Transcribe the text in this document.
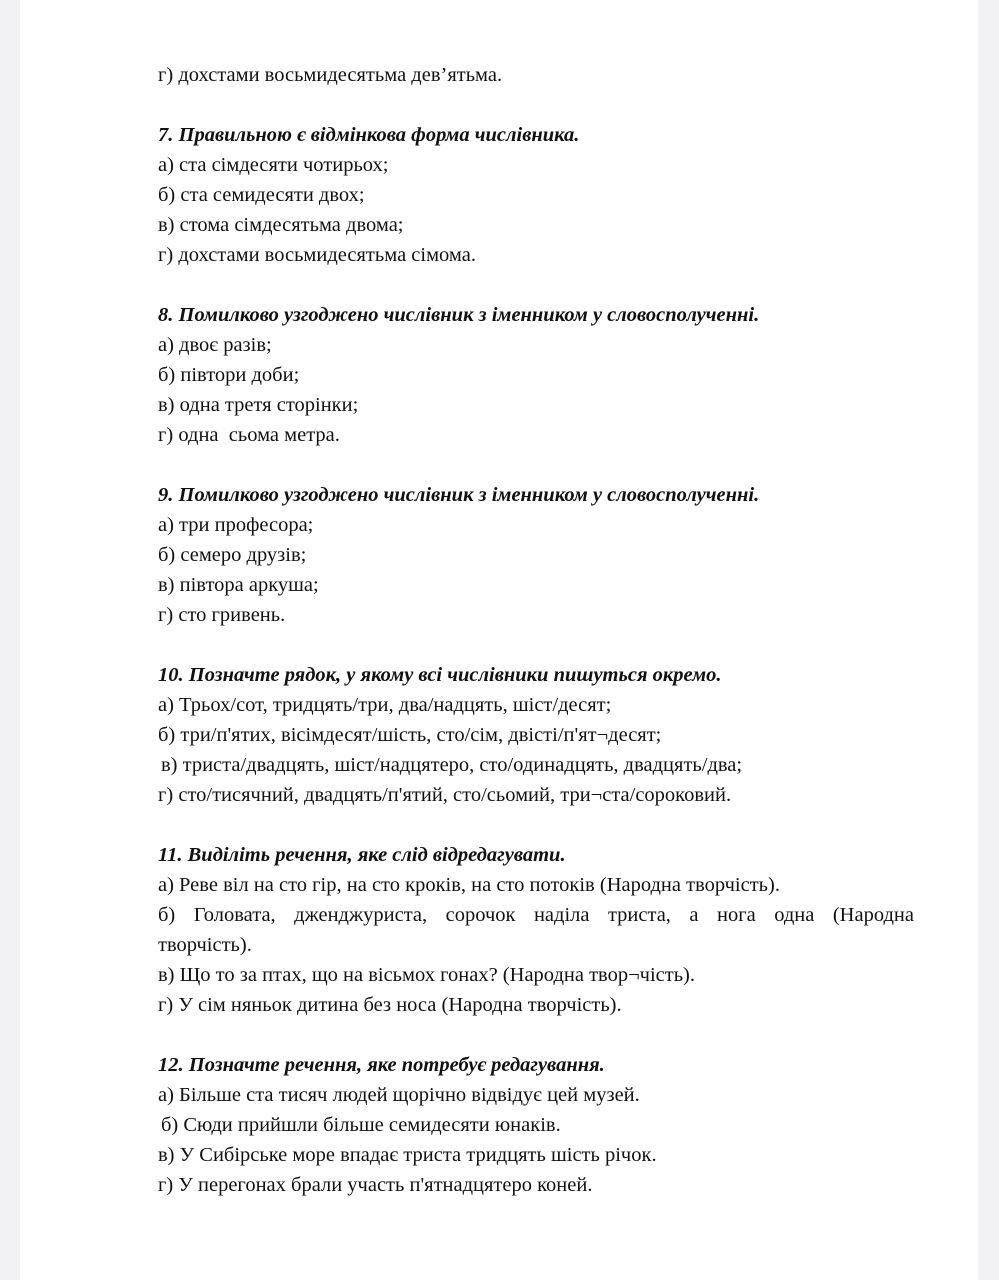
г) дохстами восьмидесятьма дев’ятьма.
7. Правильною є відмінкова форма числівника.
а) ста сімдесяти чотирьох;
б) ста семидесяти двох;
в) стома сімдесятьма двома;
г) дохстами восьмидесятьма сімома.
8. Помилково узгоджено числівник з іменником у словосполученні.
а) двоє разів;
б) півтори доби;
в) одна третя сторінки;
г) одна  сьома метра.
9. Помилково узгоджено числівник з іменником у словосполученні.
а) три професора;
б) семеро друзів;
в) півтора аркуша;
г) сто гривень.
10. Позначте рядок, у якому всі числівники пишуться окремо.
а) Трьох/сот, тридцять/три, два/надцять, шіст/десят;
б) три/п'ятих, вісімдесят/шість, сто/сім, двісті/п'ят¬десят;
в) триста/двадцять, шіст/надцятеро, сто/одинадцять, двадцять/два;
г) сто/тисячний, двадцять/п'ятий, сто/сьомий, три¬ста/сороковий.
11. Виділіть речення, яке слід відредагувати.
а) Реве віл на сто гір, на сто кроків, на сто потоків (Народна творчість).
б) Головата, дженджуриста, сорочок наділа триста, а нога одна (Народна
творчість).
в) Що то за птах, що на вісьмох гонах? (Народна твор¬чість).
г) У сім няньок дитина без носа (Народна творчість).
12. Позначте речення, яке потребує редагування.
а) Більше ста тисяч людей щорічно відвідує цей музей.
б) Сюди прийшли більше семидесяти юнаків.
в) У Сибірське море впадає триста тридцять шість річок.
г) У перегонах брали участь п'ятнадцятеро коней.
